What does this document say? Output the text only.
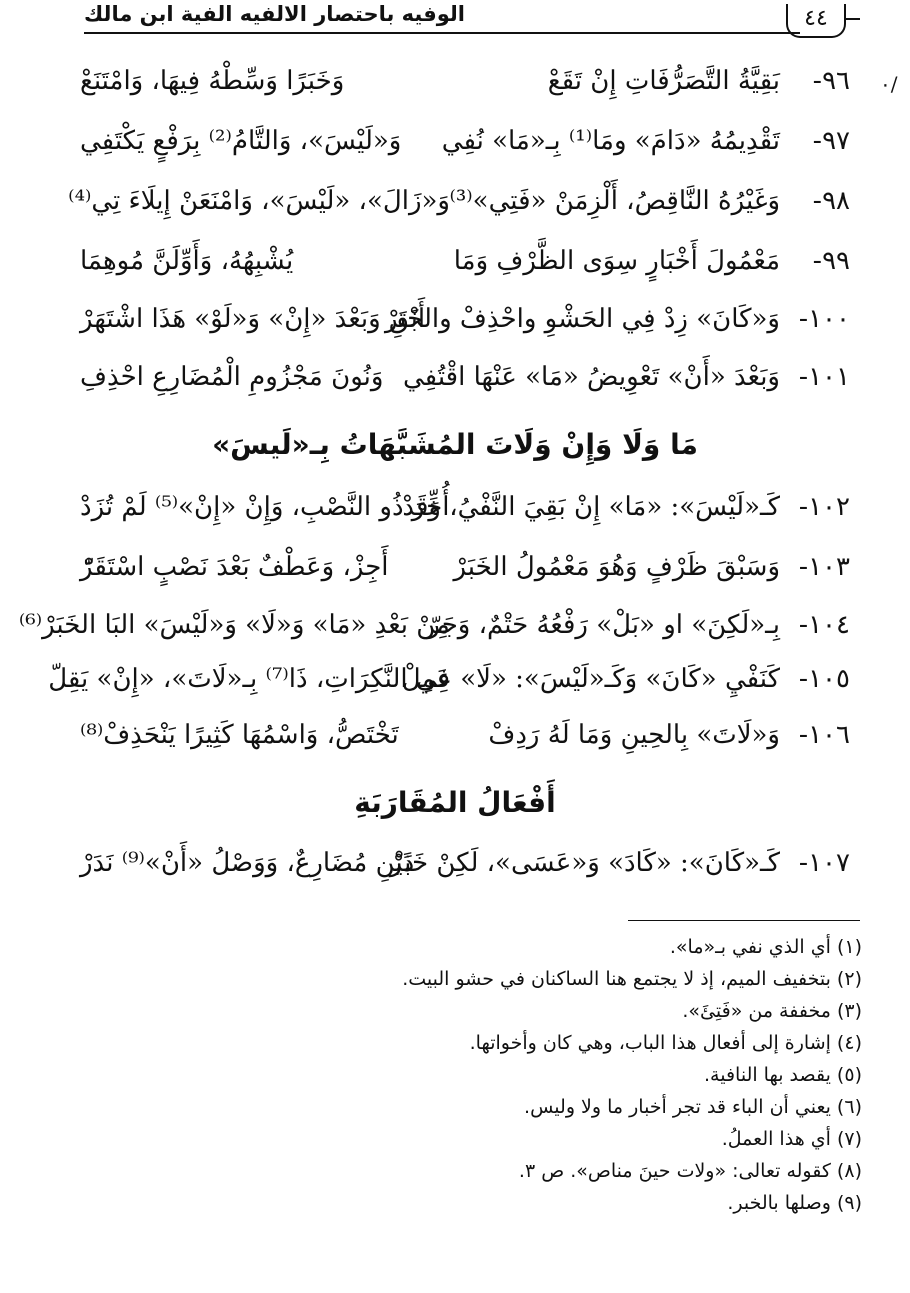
الوفيه باحتصار الالفيه الفية ابن مالك	٤٤
/٠
٩٦-
بَقِيَّةُ التَّصَرُّفَاتِ إِنْ تَقَعْ
وَخَبَرًا وَسِّطْهُ فِيهَا، وَامْتَنَعْ
٩٧-
تَقْدِيمُهُ «دَامَ» ومَا⁽¹⁾ بِـ«مَا» نُفِي
وَ«لَيْسَ»، وَالتَّامُ⁽²⁾ بِرَفْعٍ يَكْتَفِي
٩٨-
وَغَيْرُهُ النَّاقِصُ، أَلْزِمَنْ «فَتِي»⁽³⁾
وَ«زَالَ»، «لَيْسَ»، وَامْنَعَنْ إِيلَاءَ تِي⁽⁴⁾
٩٩-
مَعْمُولَ أَخْبَارٍ سِوَى الظَّرْفِ وَمَا
يُشْبِهُهُ، وَأَوِّلَنَّ مُوهِمَا
١٠٠-
وَ«كَانَ» زِدْ فِي الحَشْوِ واحْذِفْ والخَبَرْ
أَبْقِ وَبَعْدَ «إِنْ» وَ«لَوْ» هَذَا اشْتَهَرْ
١٠١-
وَبَعْدَ «أَنْ» تَعْوِيضُ «مَا» عَنْهَا اقْتُفِي
وَنُونَ مَجْزُومِ الْمُضَارِعِ احْذِفِ
مَا وَلَا وَإِنْ وَلَاتَ المُشَبَّهَاتُ بِـ«لَيسَ»
١٠٢-
كَـ«لَيْسَ»: «مَا» إِنْ بَقِيَ النَّفْيُ، وَقَدْ
أُخِّرَ ذُو النَّصْبِ، وَإِنْ «إِنْ»⁽⁵⁾ لَمْ تُزَدْ
١٠٣-
وَسَبْقَ ظَرْفٍ وَهُوَ مَعْمُولُ الخَبَرْ
أَجِزْ، وَعَطْفٌ بَعْدَ نَصْبٍ اسْتَقَرّْ
١٠٤-
بِـ«لَكِنَ» او «بَلْ» رَفْعُهُ حَتْمٌ، وَجَرّ
مِنْ بَعْدِ «مَا» وَ«لَا» وَ«لَيْسَ» البَا الخَبَرْ⁽⁶⁾
١٠٥-
كَنَفْيِ «كَانَ» وَكَـ«لَيْسَ»: «لَا» عَمِلْ
فِي النَّكِرَاتِ، ذَا⁽⁷⁾ بِـ«لَاتَ»، «إِنْ» يَقِلّ
١٠٦-
وَ«لَاتَ» بِالحِينِ وَمَا لَهُ رَدِفْ
تَخْتَصُّ، وَاسْمُهَا كَثِيرًا يَنْحَذِفْ⁽⁸⁾
أَفْعَالُ المُقَارَبَةِ
١٠٧-
كَـ«كَانَ»: «كَادَ» وَ«عَسَى»، لَكِنْ خَبَرْ
ذَيْنِ مُضَارِعٌ، وَوَصْلُ «أَنْ»⁽⁹⁾ نَدَرْ
(١) أي الذي نفي بـ«ما».
(٢) بتخفيف الميم، إذ لا يجتمع هنا الساكنان في حشو البيت.
(٣) مخففة من «فَتِئَ».
(٤) إشارة إلى أفعال هذا الباب، وهي كان وأخواتها.
(٥) يقصد بها النافية.
(٦) يعني أن الباء قد تجر أخبار ما ولا وليس.
(٧) أي هذا العملُ.
(٨) كقوله تعالى: «ولات حينَ مناص». ص ٣.
(٩) وصلها بالخبر.
